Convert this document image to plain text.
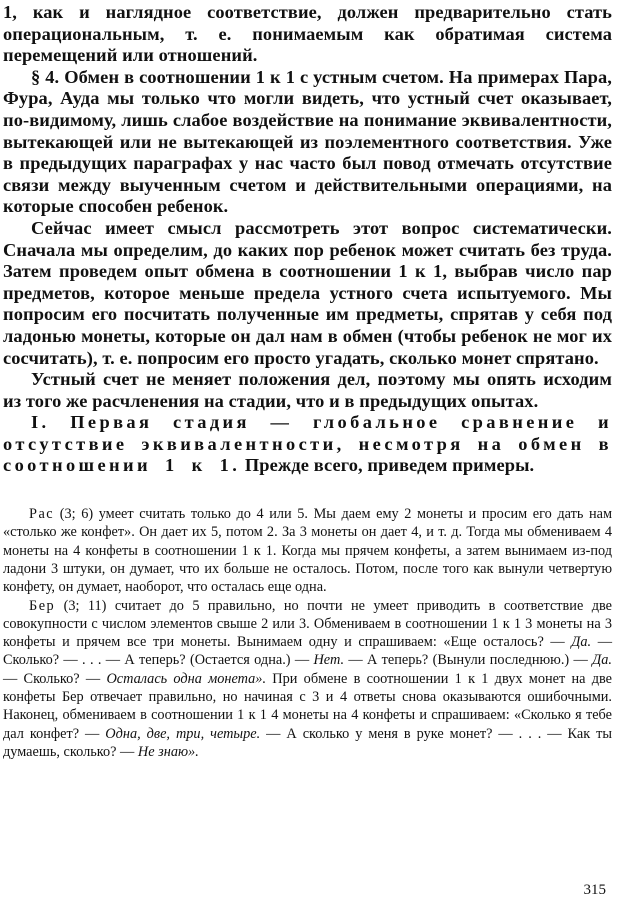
1, как и наглядное соответствие, должен предварительно стать операциональным, т. е. понимаемым как обратимая система перемещений или отношений.

§ 4. Обмен в соотношении 1 к 1 с устным счетом. На примерах Пара, Фура, Ауда мы только что могли видеть, что устный счет оказывает, по-видимому, лишь слабое воздействие на понимание эквивалентности, вытекающей или не вытекающей из поэлементного соответствия. Уже в предыдущих параграфах у нас часто был повод отмечать отсутствие связи между выученным счетом и действительными операциями, на которые способен ребенок.

Сейчас имеет смысл рассмотреть этот вопрос систематически. Сначала мы определим, до каких пор ребенок может считать без труда. Затем проведем опыт обмена в соотношении 1 к 1, выбрав число пар предметов, которое меньше предела устного счета испытуемого. Мы попросим его посчитать полученные им предметы, спрятав у себя под ладонью монеты, которые он дал нам в обмен (чтобы ребенок не мог их сосчитать), т. е. попросим его просто угадать, сколько монет спрятано.

Устный счет не меняет положения дел, поэтому мы опять исходим из того же расчленения на стадии, что и в предыдущих опытах.

I. Первая стадия — глобальное сравнение и отсутствие эквивалентности, несмотря на обмен в соотношении 1 к 1. Прежде всего, приведем примеры.

Рас (3; 6) умеет считать только до 4 или 5. Мы даем ему 2 монеты и просим его дать нам «столько же конфет». Он дает их 5, потом 2. За 3 монеты он дает 4, и т. д. Тогда мы обмениваем 4 монеты на 4 конфеты в соотношении 1 к 1. Когда мы прячем конфеты, а затем вынимаем из-под ладони 3 штуки, он думает, что их больше не осталось. Потом, после того как вынули четвертую конфету, он думает, наоборот, что осталась еще одна.

Бер (3; 11) считает до 5 правильно, но почти не умеет приводить в соответствие две совокупности с числом элементов свыше 2 или 3. Обмениваем в соотношении 1 к 1 3 монеты на 3 конфеты и прячем все три монеты. Вынимаем одну и спрашиваем: «Еще осталось? — Да. — Сколько? — . . . — А теперь? (Остается одна.) — Нет. — А теперь? (Вынули последнюю.) — Да. — Сколько? — Осталась одна монета». При обмене в соотношении 1 к 1 двух монет на две конфеты Бер отвечает правильно, но начиная с 3 и 4 ответы снова оказываются ошибочными. Наконец, обмениваем в соотношении 1 к 1 4 монеты на 4 конфеты и спрашиваем: «Сколько я тебе дал конфет? — Одна, две, три, четыре. — А сколько у меня в руке монет? — . . . — Как ты думаешь, сколько? — Не знаю».

315
